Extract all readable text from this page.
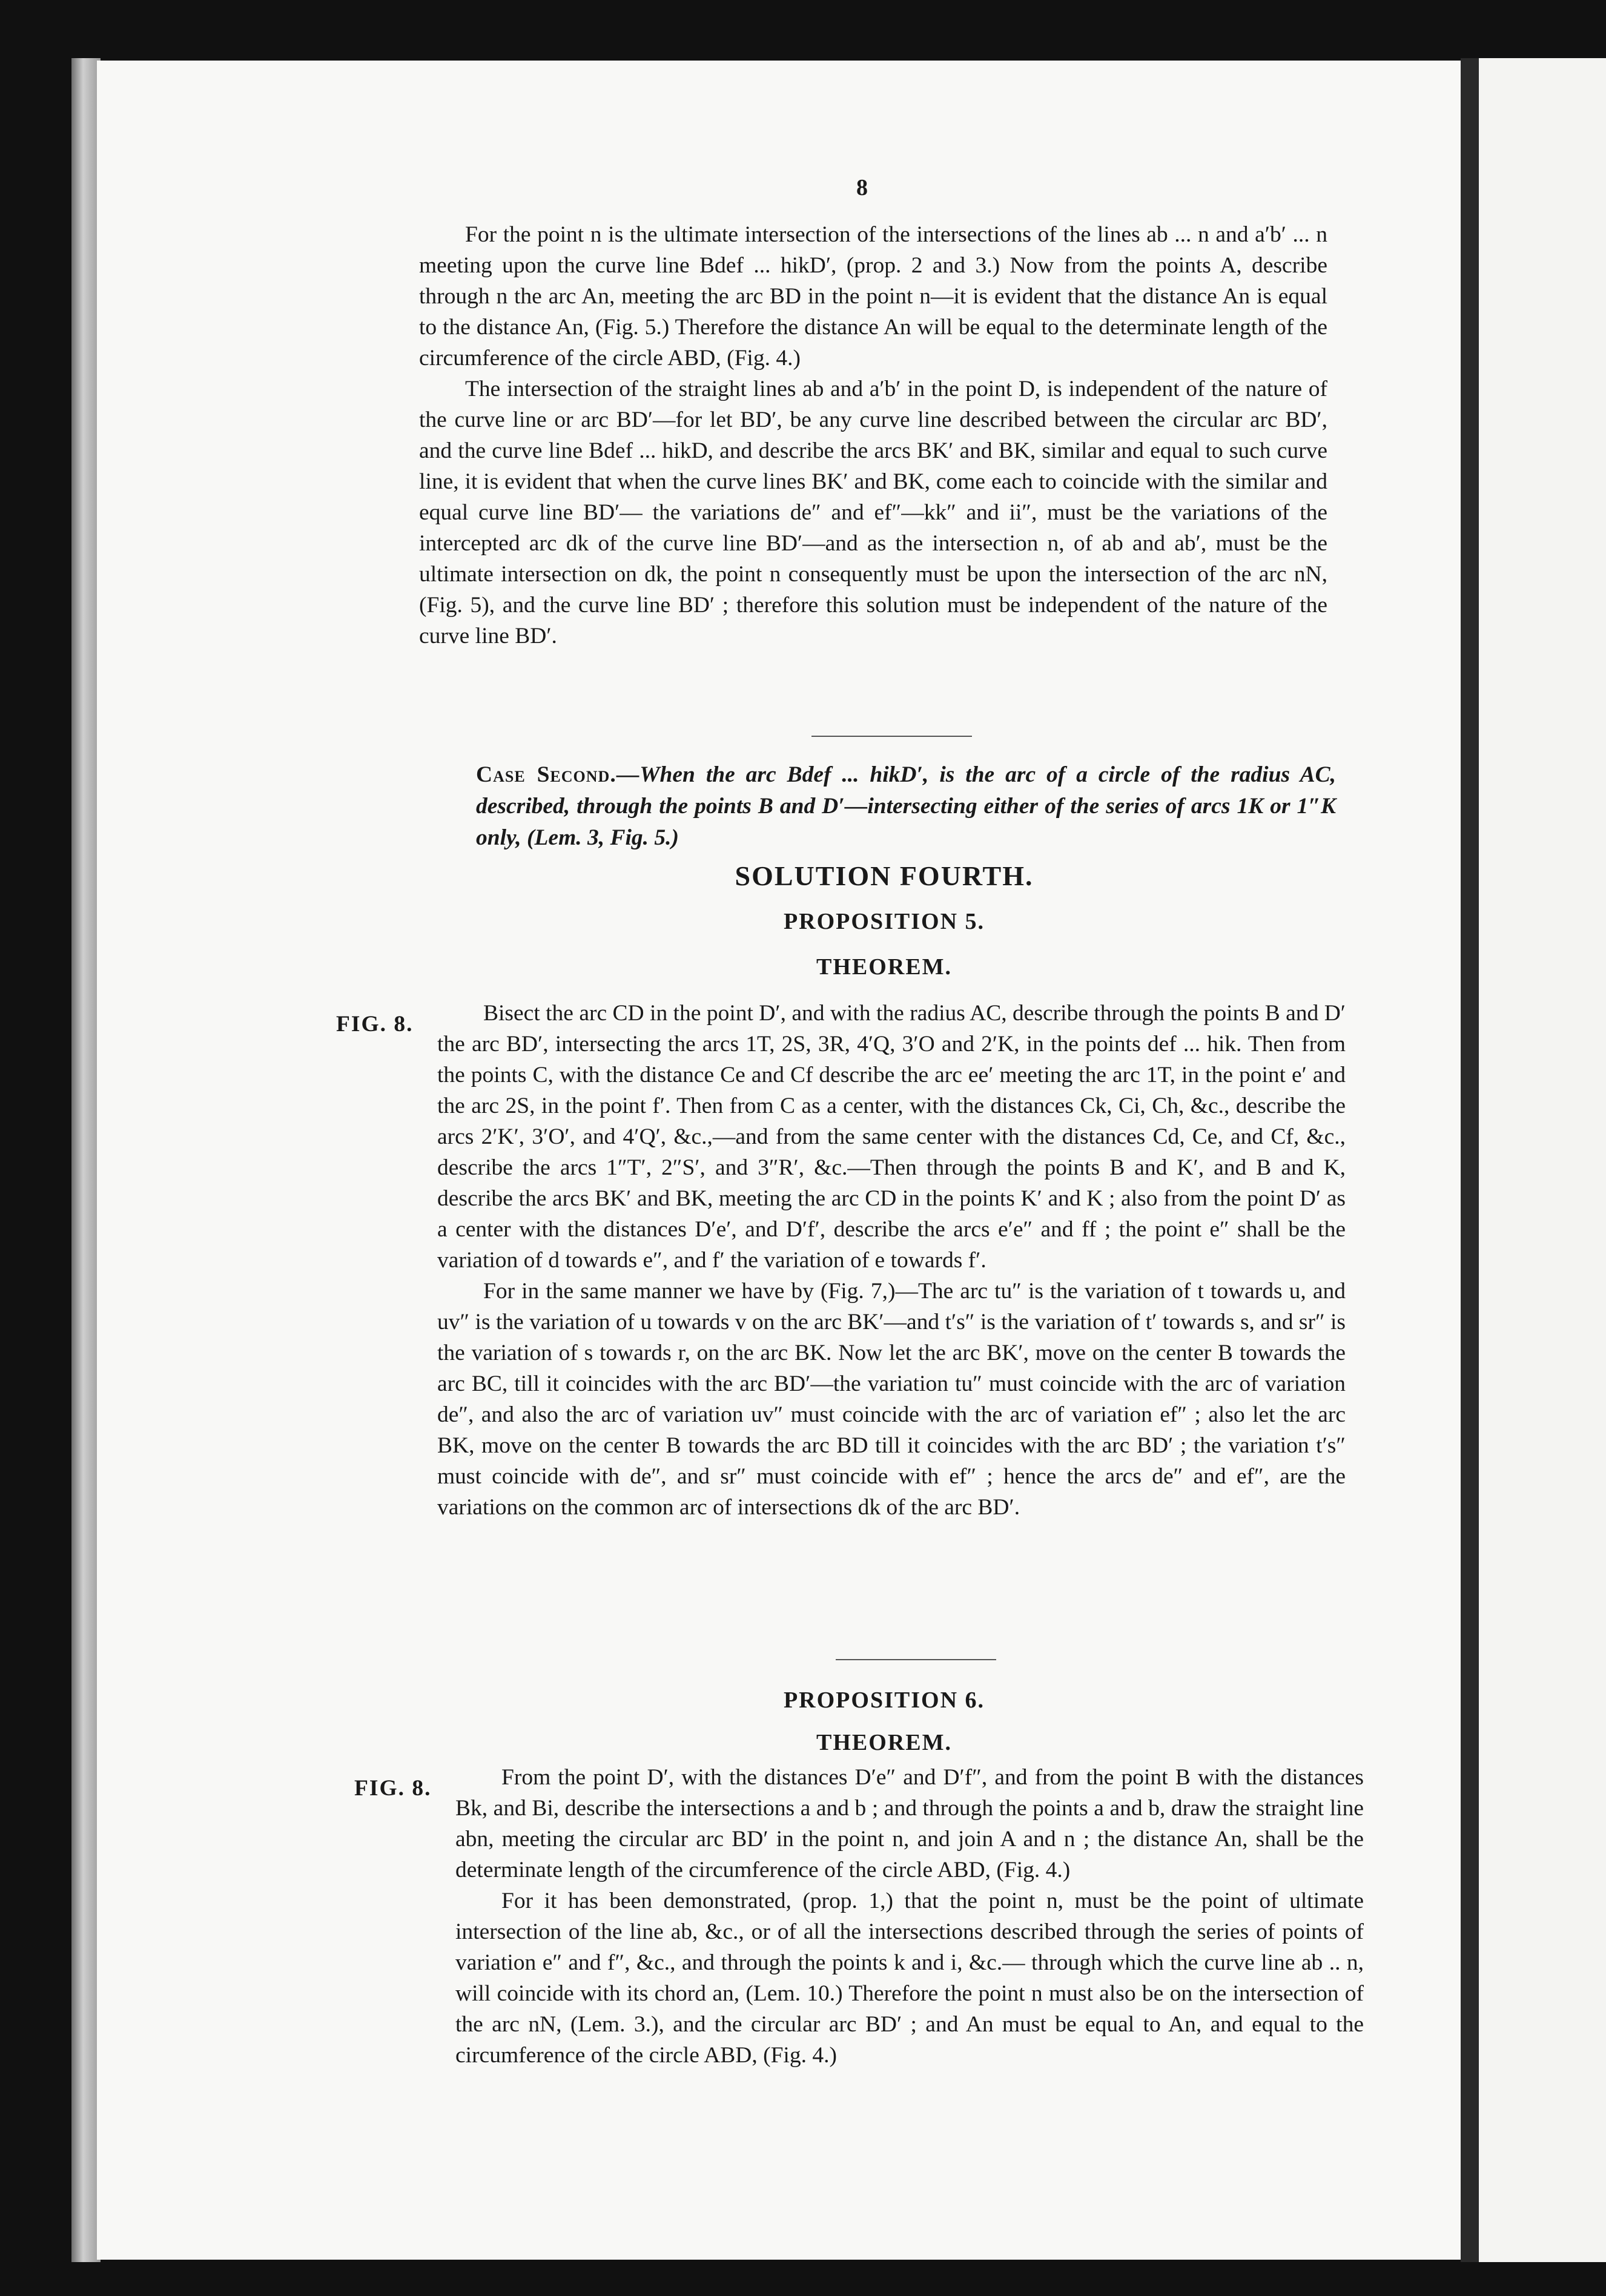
8

For the point n is the ultimate intersection of the intersections of the lines ab ... n and a′b′ ... n meeting upon the curve line Bdef ... hikD′, (prop. 2 and 3.) Now from the points A, describe through n the arc An, meeting the arc BD in the point n—it is evident that the distance An is equal to the distance An, (Fig. 5.) Therefore the distance An will be equal to the determinate length of the circumference of the circle ABD, (Fig. 4.)

The intersection of the straight lines ab and a′b′ in the point D, is independent of the nature of the curve line or arc BD′—for let BD′, be any curve line described between the circular arc BD′, and the curve line Bdef ... hikD, and describe the arcs BK′ and BK, similar and equal to such curve line, it is evident that when the curve lines BK′ and BK, come each to coincide with the similar and equal curve line BD′— the variations de″ and ef″—kk″ and ii″, must be the variations of the intercepted arc dk of the curve line BD′—and as the intersection n, of ab and ab′, must be the ultimate intersection on dk, the point n consequently must be upon the intersection of the arc nN, (Fig. 5), and the curve line BD′ ; therefore this solution must be independent of the nature of the curve line BD′.

Case Second.—When the arc Bdef ... hikD′, is the arc of a circle of the radius AC, described, through the points B and D′—intersecting either of the series of arcs 1K or 1″K only, (Lem. 3, Fig. 5.)
SOLUTION FOURTH.
PROPOSITION 5.
THEOREM.
FIG. 8.	Bisect the arc CD in the point D′, and with the radius AC, describe through the points B and D′ the arc BD′, intersecting the arcs 1T, 2S, 3R, 4′Q, 3′O and 2′K, in the points def ... hik. Then from the points C, with the distance Ce and Cf describe the arc ee′ meeting the arc 1T, in the point e′ and the arc 2S, in the point f′. Then from C as a center, with the distances Ck, Ci, Ch, &c., describe the arcs 2′K′, 3′O′, and 4′Q′, &c.,—and from the same center with the distances Cd, Ce, and Cf, &c., describe the arcs 1″T′, 2″S′, and 3″R′, &c.—Then through the points B and K′, and B and K, describe the arcs BK′ and BK, meeting the arc CD in the points K′ and K ; also from the point D′ as a center with the distances D′e′, and D′f′, describe the arcs e′e″ and ff ; the point e″ shall be the variation of d towards e″, and f′ the variation of e towards f′.

For in the same manner we have by (Fig. 7,)—The arc tu″ is the variation of t towards u, and uv″ is the variation of u towards v on the arc BK′—and t′s″ is the variation of t′ towards s, and sr″ is the variation of s towards r, on the arc BK. Now let the arc BK′, move on the center B towards the arc BC, till it coincides with the arc BD′—the variation tu″ must coincide with the arc of variation de″, and also the arc of variation uv″ must coincide with the arc of variation ef″ ; also let the arc BK, move on the center B towards the arc BD till it coincides with the arc BD′ ; the variation t′s″ must coincide with de″, and sr″ must coincide with ef″ ; hence the arcs de″ and ef″, are the variations on the common arc of intersections dk of the arc BD′.

PROPOSITION 6.
THEOREM.
FIG. 8.	From the point D′, with the distances D′e″ and D′f″, and from the point B with the distances Bk, and Bi, describe the intersections a and b ; and through the points a and b, draw the straight line abn, meeting the circular arc BD′ in the point n, and join A and n ; the distance An, shall be the determinate length of the circumference of the circle ABD, (Fig. 4.)

For it has been demonstrated, (prop. 1,) that the point n, must be the point of ultimate intersection of the line ab, &c., or of all the intersections described through the series of points of variation e″ and f″, &c., and through the points k and i, &c.— through which the curve line ab .. n, will coincide with its chord an, (Lem. 10.) Therefore the point n must also be on the intersection of the arc nN, (Lem. 3.), and the circular arc BD′ ; and An must be equal to An, and equal to the circumference of the circle ABD, (Fig. 4.)
